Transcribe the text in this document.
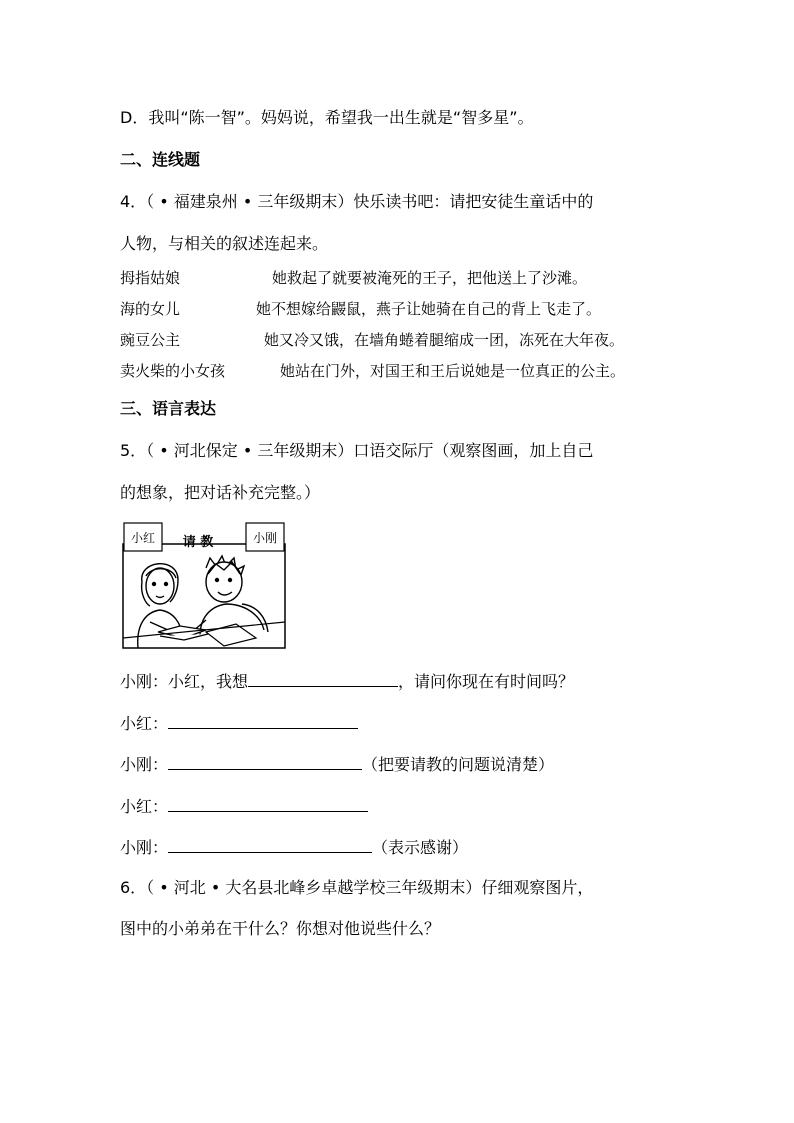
D．我叫“陈一智”。妈妈说，希望我一出生就是“智多星”。
二、连线题
4．（ • 福建泉州 • 三年级期末）快乐读书吧：请把安徒生童话中的
人物，与相关的叙述连起来。
拇指姑娘	她救起了就要被淹死的王子，把他送上了沙滩。
海的女儿	她不想嫁给鼹鼠，燕子让她骑在自己的背上飞走了。
豌豆公主	她又冷又饿，在墙角蜷着腿缩成一团，冻死在大年夜。
卖火柴的小女孩	她站在门外，对国王和王后说她是一位真正的公主。
三、语言表达
5．（ • 河北保定 • 三年级期末）口语交际厅（观察图画，加上自己
的想象，把对话补充完整。）
小红	小刚
请 教
小刚：小红，我想	，请问你现在有时间吗？
小红：
小刚：	（把要请教的问题说清楚）
小红：
小刚：	（表示感谢）
6．（ • 河北 • 大名县北峰乡卓越学校三年级期末）仔细观察图片，
图中的小弟弟在干什么？你想对他说些什么？
